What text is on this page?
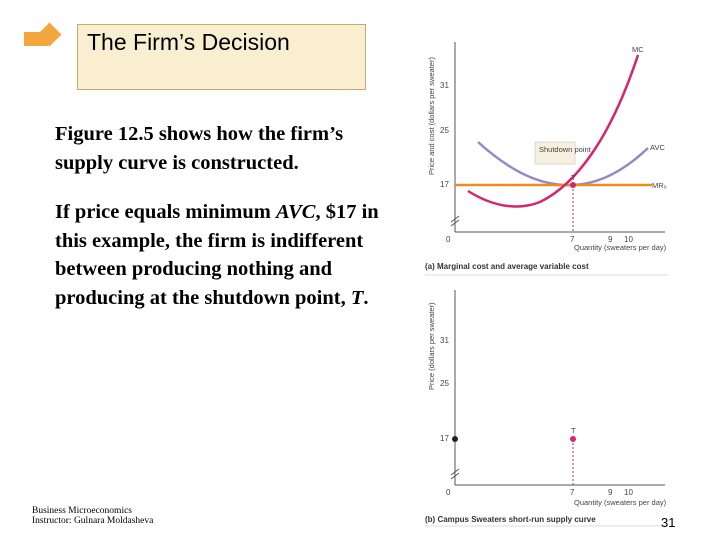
The Firm’s Decision
Figure 12.5 shows how the firm’s supply curve is constructed.
If price equals minimum AVC, $17 in this example, the firm is indifferent between producing nothing and producing at the shutdown point, T.
Price and cost (dollars per sweater) 31
25
17
0	7	9 10
Quantity (sweaters per day)
T
Shutdown point
MC
AVC
MR₀
(a) Marginal cost and average variable cost
Price (dollars per sweater) 31
25
17
0	7	9 10
Quantity (sweaters per day)
T
(b) Campus Sweaters short-run supply curve
Business Microeconomics
Instructor: Gulnara Moldasheva	31
